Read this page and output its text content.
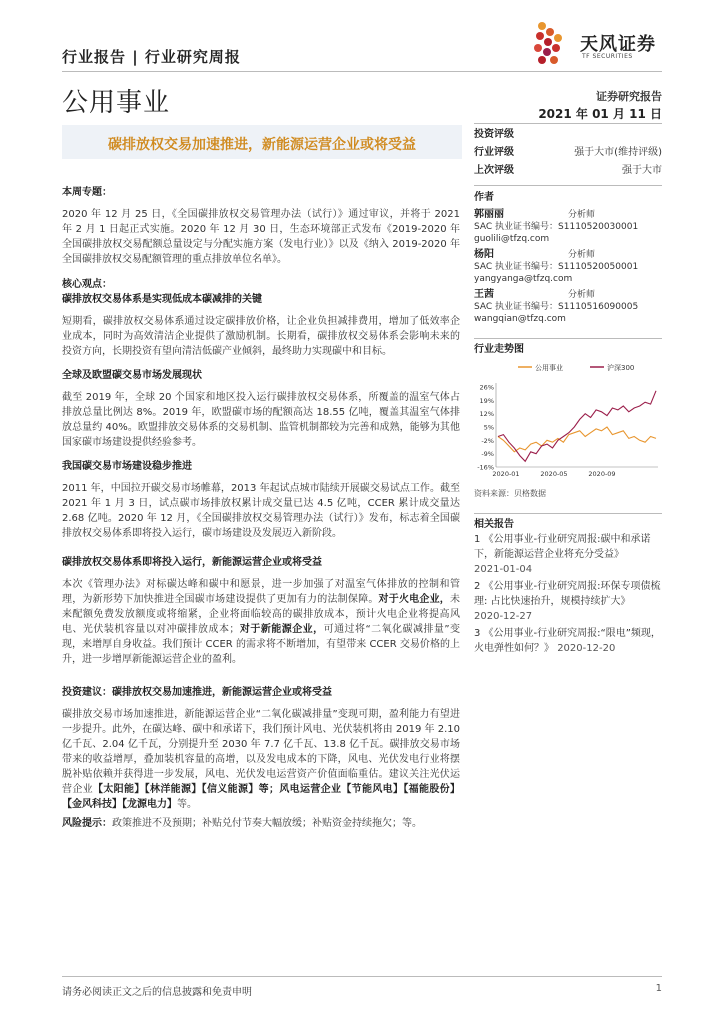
行业报告 | 行业研究周报
天风证券
TF SECURITIES
公用事业	证券研究报告
2021 年 01 月 11 日
碳排放权交易加速推进，新能源运营企业或将受益
投资评级
行业评级	强于大市(维持评级)
上次评级	强于大市
作者
郭丽丽	分析师
SAC 执业证书编号：S1110520030001
guolili@tfzq.com
杨阳	分析师
SAC 执业证书编号：S1110520050001
yangyanga@tfzq.com
王茜	分析师
SAC 执业证书编号：S1110516090005
wangqian@tfzq.com
行业走势图
公用事业	沪深300
26%
19%
12%
5%
-2%
-9%
-16%
2020-01	2020-05	2020-09
资料来源：贝格数据
相关报告
1 《公用事业-行业研究周报:碳中和承诺下，新能源运营企业将充分受益》
2021-01-04
2 《公用事业-行业研究周报:环保专项债梳理: 占比快速抬升，规模持续扩大》
2020-12-27
3 《公用事业-行业研究周报:“限电”频现，火电弹性如何？》 2020-12-20

本周专题：

2020 年 12 月 25 日，《全国碳排放权交易管理办法（试行）》通过审议，并将于 2021 年 2 月 1 日起正式实施。2020 年 12 月 30 日，生态环境部正式发布《2019-2020 年全国碳排放权交易配额总量设定与分配实施方案（发电行业）》以及《纳入 2019-2020 年全国碳排放权交易配额管理的重点排放单位名单》。

核心观点：

碳排放权交易体系是实现低成本碳减排的关键

短期看，碳排放权交易体系通过设定碳排放价格，让企业负担减排费用，增加了低效率企业成本，同时为高效清洁企业提供了激励机制。长期看，碳排放权交易体系会影响未来的投资方向，长期投资有望向清洁低碳产业倾斜，最终助力实现碳中和目标。

全球及欧盟碳交易市场发展现状

截至 2019 年，全球 20 个国家和地区投入运行碳排放权交易体系，所覆盖的温室气体占排放总量比例达 8%。2019 年，欧盟碳市场的配额高达 18.55 亿吨，覆盖其温室气体排放总量约 40%。欧盟排放交易体系的交易机制、监管机制都较为完善和成熟，能够为其他国家碳市场建设提供经验参考。

我国碳交易市场建设稳步推进

2011 年，中国拉开碳交易市场帷幕，2013 年起试点城市陆续开展碳交易试点工作。截至 2021 年 1 月 3 日，试点碳市场排放权累计成交量已达 4.5 亿吨，CCER 累计成交量达 2.68 亿吨。2020 年 12 月，《全国碳排放权交易管理办法（试行）》发布，标志着全国碳排放权交易体系即将投入运行，碳市场建设及发展迈入新阶段。

碳排放权交易体系即将投入运行，新能源运营企业或将受益

本次《管理办法》对标碳达峰和碳中和愿景，进一步加强了对温室气体排放的控制和管理，为新形势下加快推进全国碳市场建设提供了更加有力的法制保障。对于火电企业，未来配额免费发放额度或将缩紧，企业将面临较高的碳排放成本，预计火电企业将提高风电、光伏装机容量以对冲碳排放成本；对于新能源企业，可通过将“二氧化碳减排量”变现，来增厚自身收益。我们预计 CCER 的需求将不断增加，有望带来 CCER 交易价格的上升，进一步增厚新能源运营企业的盈利。

投资建议：碳排放权交易加速推进，新能源运营企业或将受益

碳排放交易市场加速推进，新能源运营企业“二氧化碳减排量”变现可期，盈利能力有望进一步提升。此外，在碳达峰、碳中和承诺下，我们预计风电、光伏装机将由 2019 年 2.10 亿千瓦、2.04 亿千瓦，分别提升至 2030 年 7.7 亿千瓦、13.8 亿千瓦。碳排放交易市场带来的收益增厚，叠加装机容量的高增，以及发电成本的下降，风电、光伏发电行业将摆脱补贴依赖并获得进一步发展，风电、光伏发电运营资产价值面临重估。建议关注光伏运营企业【太阳能】【林洋能源】【信义能源】等；风电运营企业【节能风电】【福能股份】【金风科技】【龙源电力】等。

风险提示：政策推进不及预期；补贴兑付节奏大幅放缓；补贴资金持续拖欠；等。

请务必阅读正文之后的信息披露和免责申明	1
